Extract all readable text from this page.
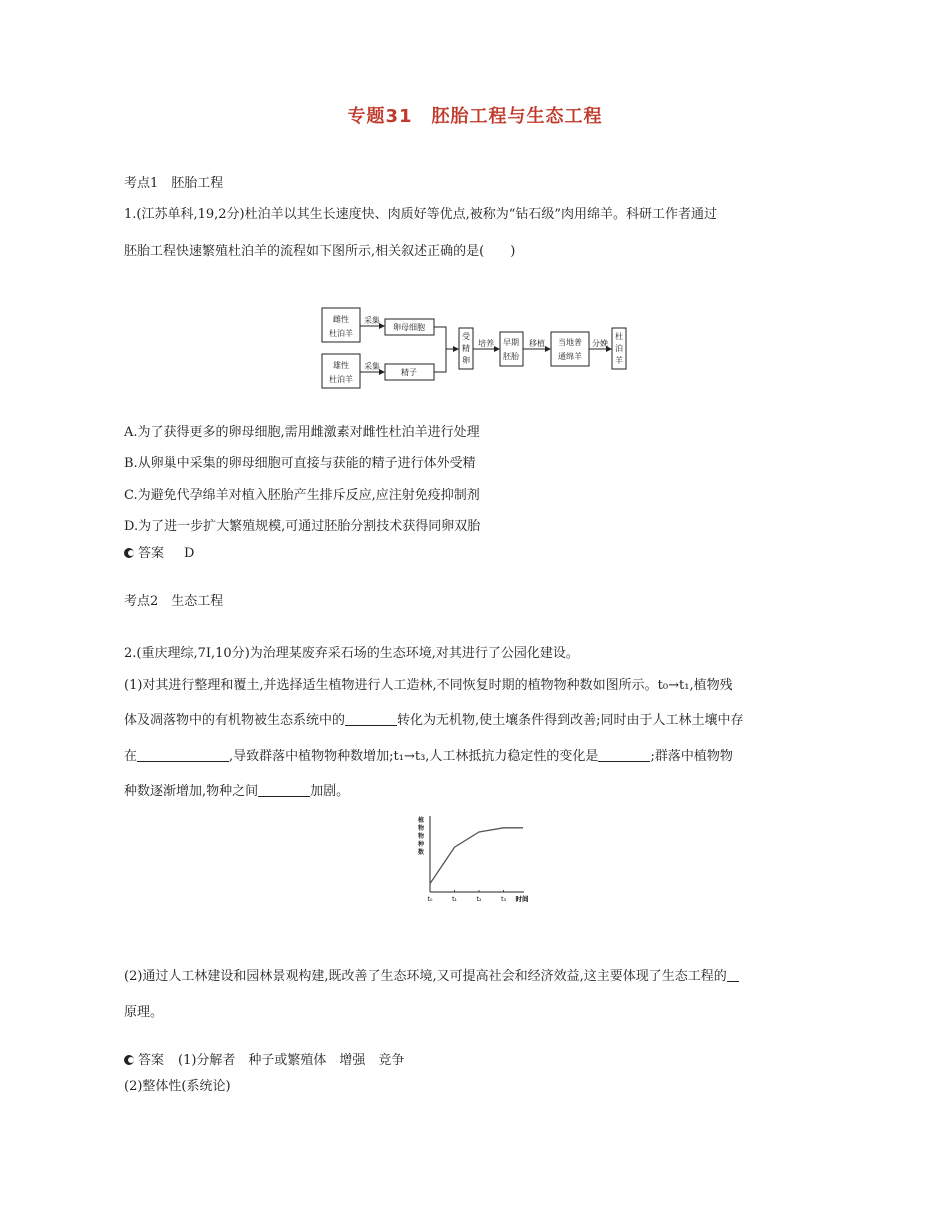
专题31　胚胎工程与生态工程
考点1　胚胎工程
1.(江苏单科,19,2分)杜泊羊以其生长速度快、肉质好等优点,被称为“钻石级”肉用绵羊。科研工作者通过
胚胎工程快速繁殖杜泊羊的流程如下图所示,相关叙述正确的是(　　)
雌性
杜泊羊
雄性
杜泊羊
采集
采集
卵母细胞
精子
受
精
卵
培养 早期
胚胎
移植 当地普
通绵羊
分娩
杜
泊
羊
A.为了获得更多的卵母细胞,需用雌激素对雌性杜泊羊进行处理
B.从卵巢中采集的卵母细胞可直接与获能的精子进行体外受精
C.为避免代孕绵羊对植入胚胎产生排斥反应,应注射免疫抑制剂
D.为了进一步扩大繁殖规模,可通过胚胎分割技术获得同卵双胎
答案 D
考点2　生态工程
2.(重庆理综,7Ⅰ,10分)为治理某废弃采石场的生态环境,对其进行了公园化建设。
(1)对其进行整理和覆土,并选择适生植物进行人工造林,不同恢复时期的植物物种数如图所示。t₀→t₁,植物残
体及凋落物中的有机物被生态系统中的	转化为无机物,使土壤条件得到改善;同时由于人工林土壤中存
在	,导致群落中植物物种数增加;t₁→t₃,人工林抵抗力稳定性的变化是	;群落中植物物
种数逐渐增加,物种之间	加剧。
植
物
物
种
数
t₀	t₁	t₂	t₃ 时间
(2)通过人工林建设和园林景观构建,既改善了生态环境,又可提高社会和经济效益,这主要体现了生态工程的
原理。
答案 (1)分解者　种子或繁殖体　增强　竞争
(2)整体性(系统论)
